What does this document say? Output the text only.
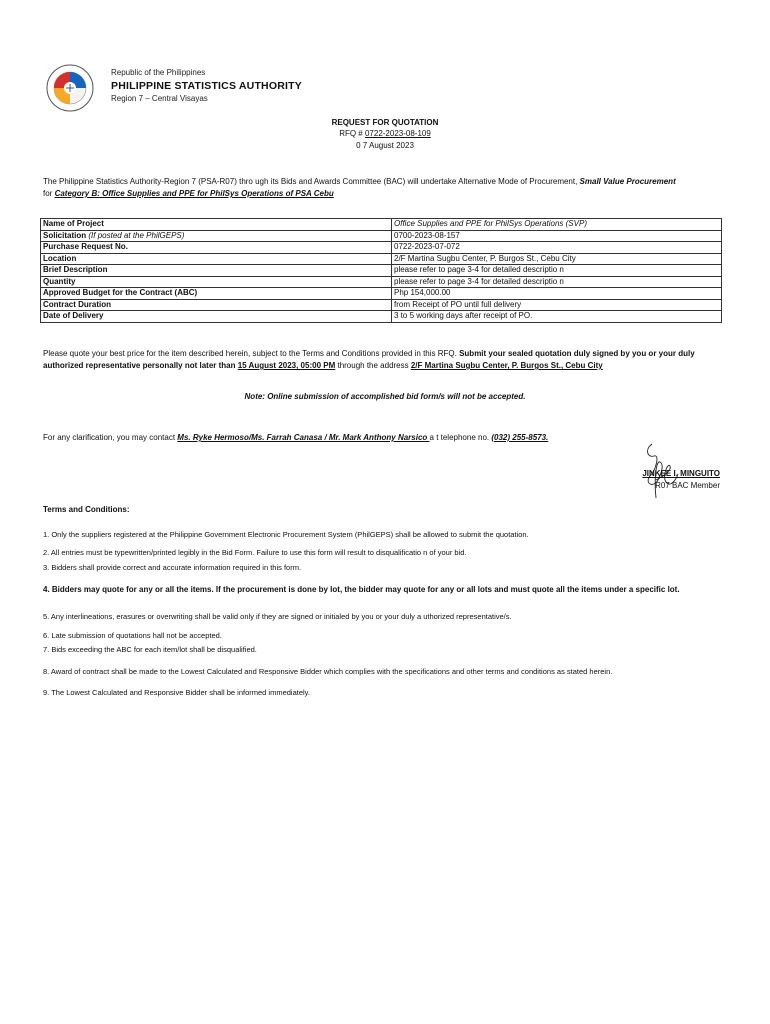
Republic of the Philippines
PHILIPPINE STATISTICS AUTHORITY
Region 7 – Central Visayas
REQUEST FOR QUOTATION
RFQ # 0722-2023-08-109
0 7 August 2023
The Philippine Statistics Authority-Region 7 (PSA-R07) thro ugh its Bids and Awards Committee (BAC) will undertake Alternative Mode of Procurement, Small Value Procurement
for Category B: Office Supplies and PPE for PhilSys Operations of PSA Cebu
Name of Project	Office Supplies and PPE for PhilSys Operations (SVP)
Solicitation (If posted at the PhilGEPS)	0700-2023-08-157
Purchase Request No.	0722-2023-07-072
Location	2/F Martina Sugbu Center, P. Burgos St., Cebu City
Brief Description	please refer to page 3-4 for detailed descriptio n
Quantity	please refer to page 3-4 for detailed descriptio n
Approved Budget for the Contract (ABC)	Php 154,000.00
Contract Duration	from Receipt of PO until full delivery
Date of Delivery	3 to 5 working days after receipt of PO.
Please quote your best price for the item described herein, subject to the Terms and Conditions provided in this RFQ. Submit your sealed quotation duly signed by you or your duly authorized representative personally not later than 15 August 2023, 05:00 PM through the address 2/F Martina Sugbu Center, P. Burgos St., Cebu City
Note: Online submission of accomplished bid form/s will not be accepted.
For any clarification, you may contact Ms. Ryke Hermoso/Ms. Farrah Canasa / Mr. Mark Anthony Narsico a t telephone no. (032) 255-8573.
JINKEE I. MINGUITO
R07 BAC Member
Terms and Conditions:
1. Only the suppliers registered at the Philippine Government Electronic Procurement System (PhilGEPS) shall be allowed to submit the quotation.
2. All entries must be typewritten/printed legibly in the Bid Form. Failure to use this form will result to disqualificatio n of your bid.
3. Bidders shall provide correct and accurate information required in this form.
4. Bidders may quote for any or all the items. If the procurement is done by lot, the bidder may quote for any or all lots and must quote all the items under a specific lot.
5. Any interlineations, erasures or overwriting shall be valid only if they are signed or initialed by you or your duly a uthorized representative/s.
6. Late submission of quotations hall not be accepted.
7. Bids exceeding the ABC for each item/lot shall be disqualified.
8. Award of contract shall be made to the Lowest Calculated and Responsive Bidder which complies with the specifications and other terms and conditions as stated herein.
9. The Lowest Calculated and Responsive Bidder shall be informed immediately.
